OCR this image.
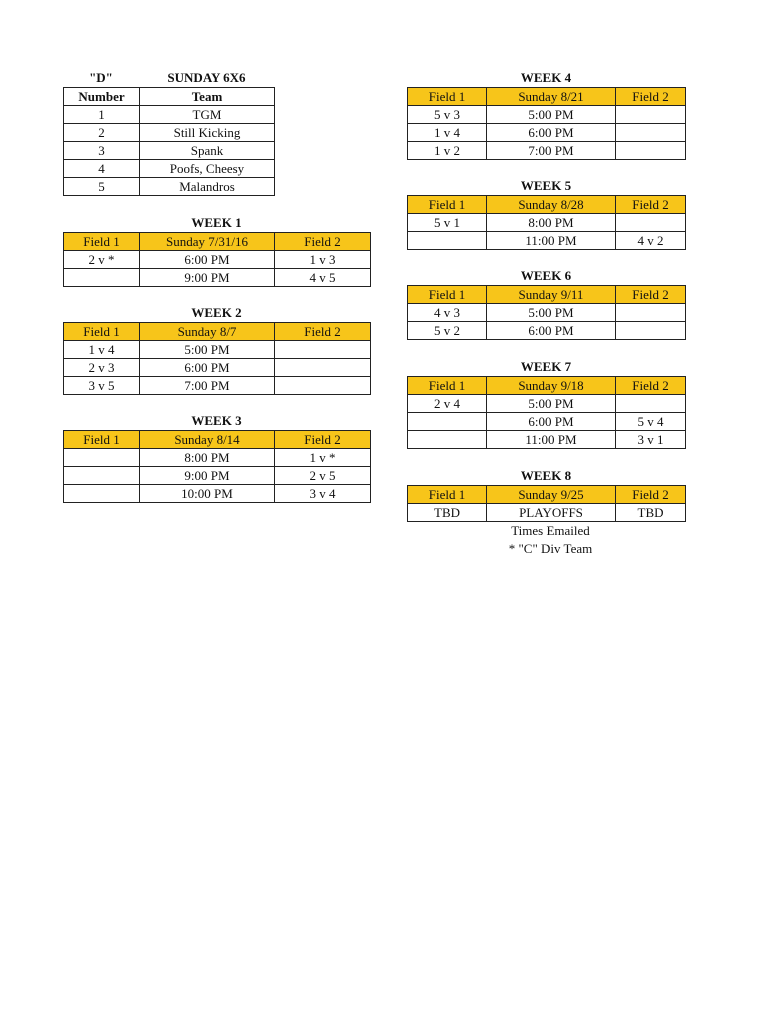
"D"	SUNDAY 6X6
Number	Team
1	TGM
2	Still Kicking
3	Spank
4	Poofs, Cheesy
5	Malandros
WEEK 1
Field 1	Sunday 7/31/16	Field 2
2 v *	6:00 PM	1 v 3
	9:00 PM	4 v 5
WEEK 2
Field 1	Sunday 8/7	Field 2
1 v 4	5:00 PM	
2 v 3	6:00 PM	
3 v 5	7:00 PM	
WEEK 3
Field 1	Sunday 8/14	Field 2
	8:00 PM	1 v *
	9:00 PM	2 v 5
	10:00 PM	3 v 4
WEEK 4
Field 1	Sunday 8/21	Field 2
5 v 3	5:00 PM	
1 v 4	6:00 PM	
1 v 2	7:00 PM	
WEEK 5
Field 1	Sunday 8/28	Field 2
5 v 1	8:00 PM	
	11:00 PM	4 v 2
WEEK 6
Field 1	Sunday 9/11	Field 2
4 v 3	5:00 PM	
5 v 2	6:00 PM	
WEEK 7
Field 1	Sunday 9/18	Field 2
2 v 4	5:00 PM	
	6:00 PM	5 v 4
	11:00 PM	3 v 1
WEEK 8
Field 1	Sunday 9/25	Field 2
TBD	PLAYOFFS	TBD
Times Emailed
* "C" Div Team
